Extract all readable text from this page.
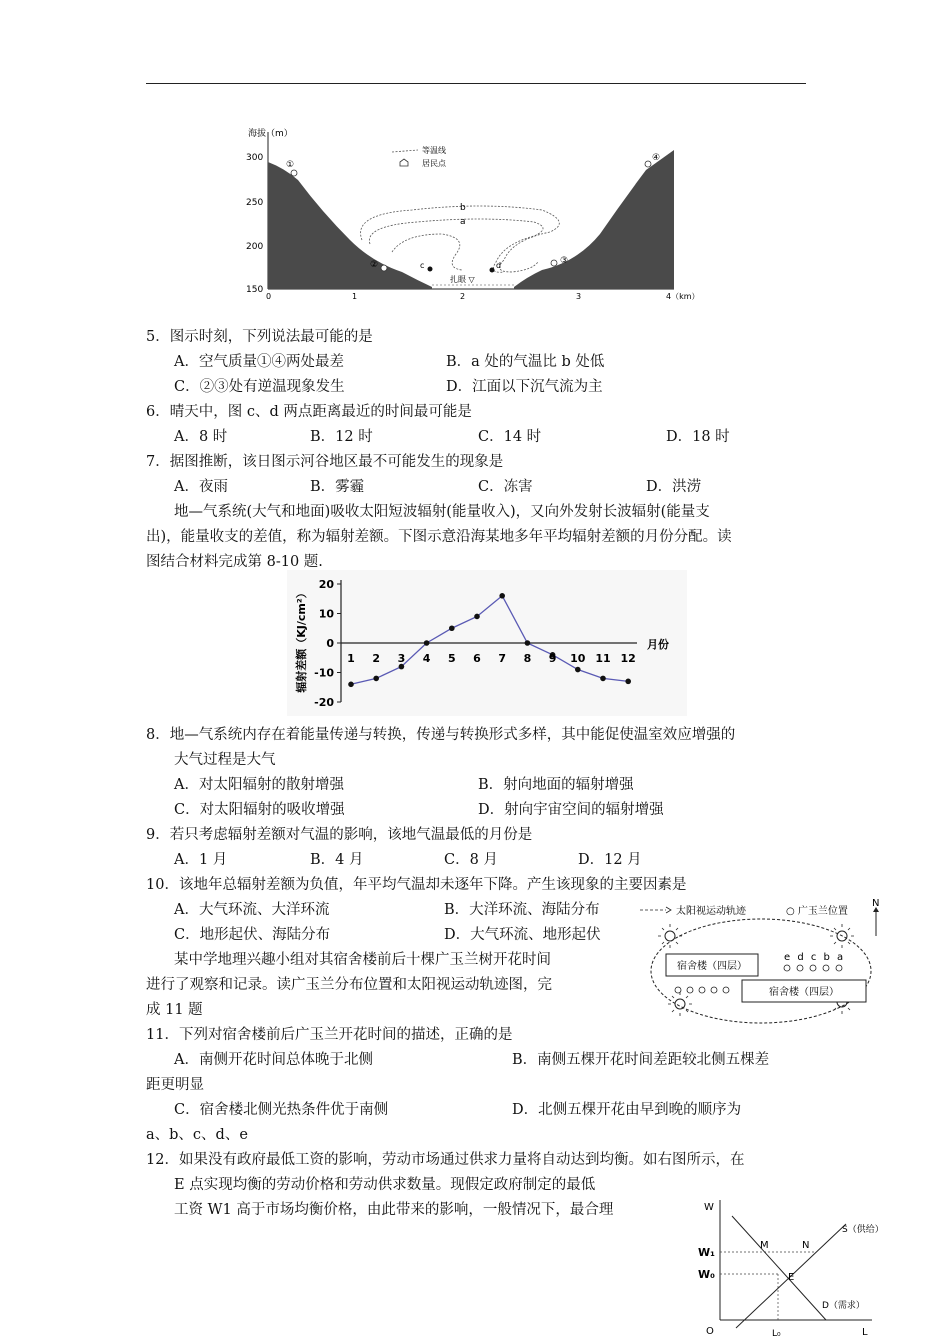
海拔（m）
300
250
200
150
0	1	2	3	4（km）
b
a
等温线
居民点
c	d
扎眼 ▽
①
②	③
④
5．图示时刻，下列说法最可能的是
A．空气质量①④两处最差	B．a 处的气温比 b 处低
C．②③处有逆温现象发生	D．江面以下沉气流为主
6．晴天中，图 c、d 两点距离最近的时间最可能是
A．8 时	B．12 时	C．14 时	D．18 时
7．据图推断，该日图示河谷地区最不可能发生的现象是
A．夜雨	B．雾霾	C．冻害	D．洪涝
地—气系统(大气和地面)吸收太阳短波辐射(能量收入)，又向外发射长波辐射(能量支
出)，能量收支的差值，称为辐射差额。下图示意沿海某地多年平均辐射差额的月份分配。读
图结合材料完成第 8-10 题.
辐射差额（KJ/cm²）	月份
20
10
0
-10
-20
1 2 3 4 5 6 7 8 9 10 11 12
8．地—气系统内存在着能量传递与转换，传递与转换形式多样，其中能促使温室效应增强的
大气过程是大气
A．对太阳辐射的散射增强	B．射向地面的辐射增强
C．对太阳辐射的吸收增强	D．射向宇宙空间的辐射增强
9．若只考虑辐射差额对气温的影响，该地气温最低的月份是
A．1 月	B．4 月	C．8 月	D．12 月
10．该地年总辐射差额为负值，年平均气温却未逐年下降。产生该现象的主要因素是
A．大气环流、大洋环流	B．大洋环流、海陆分布
C．地形起伏、海陆分布	D．大气环流、地形起伏
某中学地理兴趣小组对其宿舍楼前后十棵广玉兰树开花时间
进行了观察和记录。读广玉兰分布位置和太阳视运动轨迹图，完
成 11 题
太阳视运动轨迹	○ 广玉兰位置
N
宿舍楼（四层）
宿舍楼（四层）
e d c b a
11．下列对宿舍楼前后广玉兰开花时间的描述，正确的是
A．南侧开花时间总体晚于北侧	B．南侧五棵开花时间差距较北侧五棵差
距更明显
C．宿舍楼北侧光热条件优于南侧	D．北侧五棵开花由早到晚的顺序为
a、b、c、d、e
12．如果没有政府最低工资的影响，劳动市场通过供求力量将自动达到均衡。如右图所示，在
E 点实现均衡的劳动价格和劳动供求数量。现假定政府制定的最低
工资 W1 高于市场均衡价格，由此带来的影响，一般情况下，最合理	W
L
O
W₁
W₀
S（供给）
D（需求）
M	N
E
L₀
